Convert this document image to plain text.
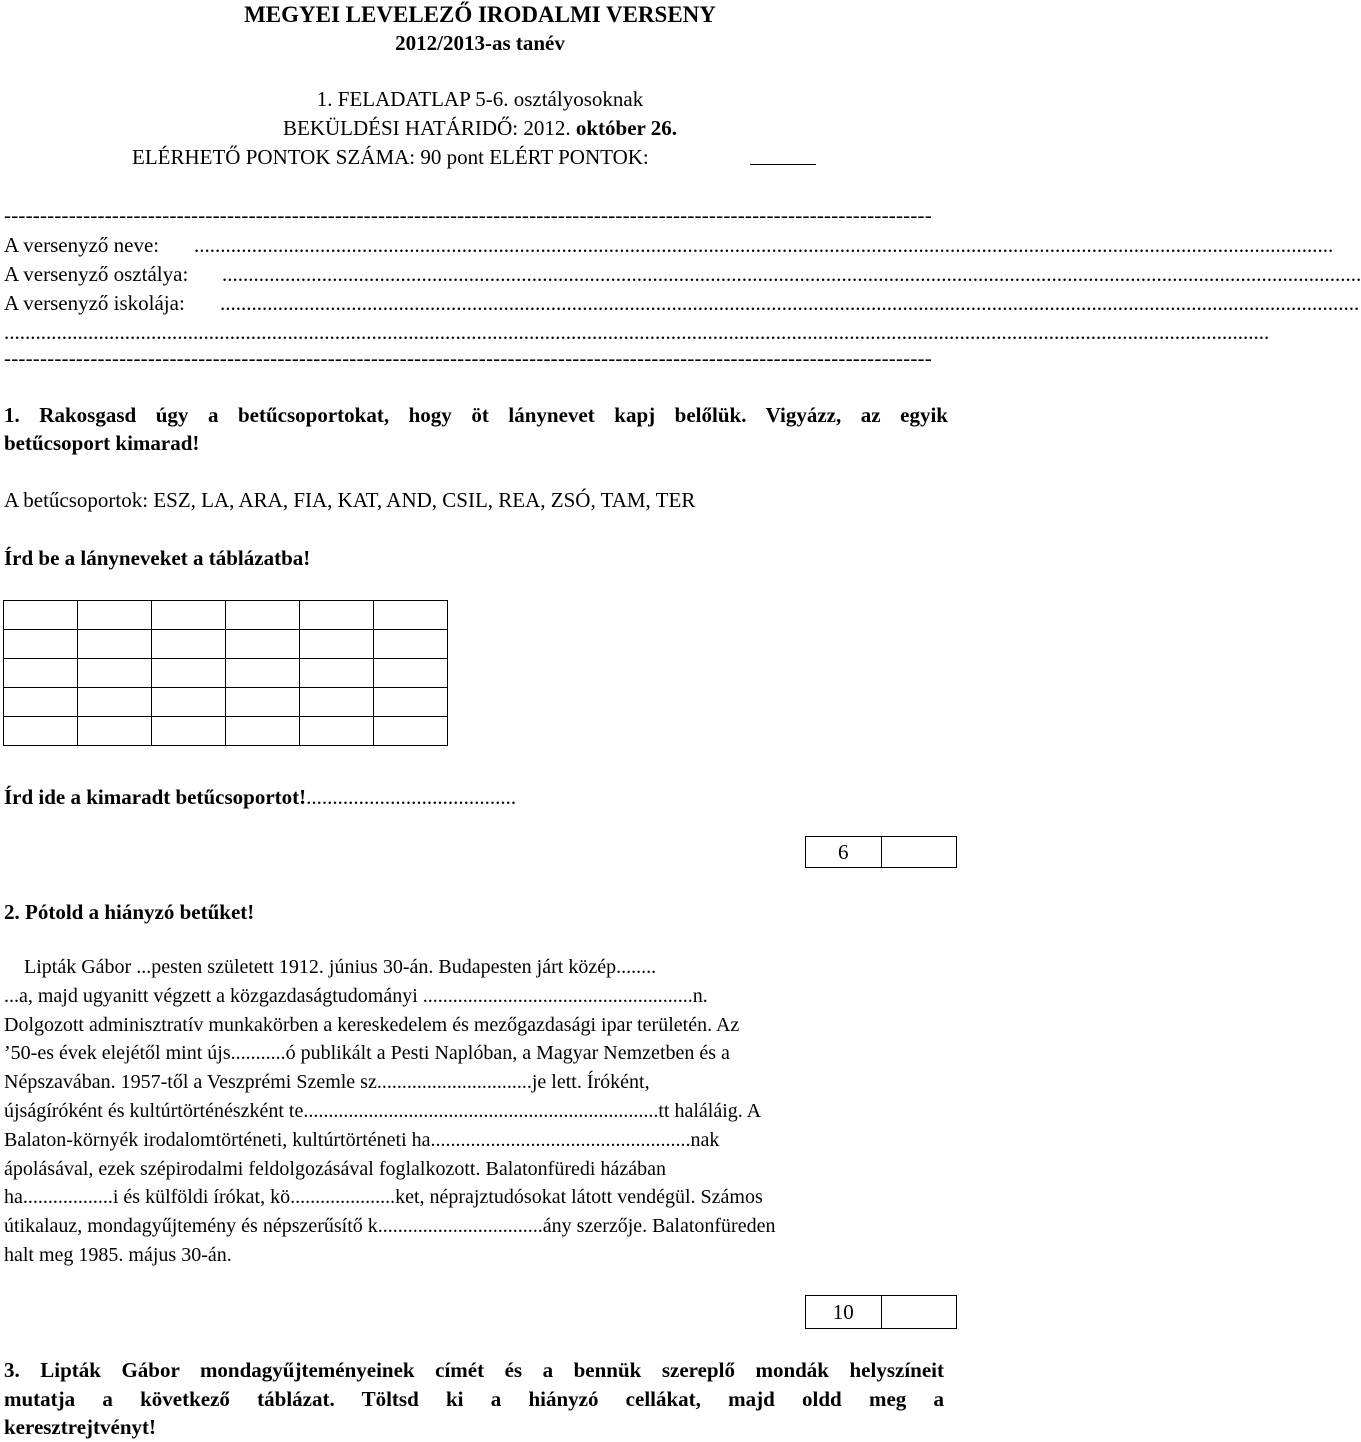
MEGYEI LEVELEZŐ IRODALMI VERSENY
2012/2013-as tanév
1. FELADATLAP 5-6. osztályosoknak
BEKÜLDÉSI HATÁRIDŐ: 2012. október 26.
ELÉRHETŐ PONTOK SZÁMA: 90 pont ELÉRT PONTOK:
---------------------------------------------------------------------------------------------------------------------------------
A versenyző neve: .........................................................................................................................................................................................................................
A versenyző osztálya: .........................................................................................................................................................................................................................
A versenyző iskolája: .........................................................................................................................................................................................................................
.................................................................................................................................................................................................................................................
---------------------------------------------------------------------------------------------------------------------------------
1. Rakosgasd úgy a betűcsoportokat, hogy öt lánynevet kapj belőlük. Vigyázz, az egyik
betűcsoport kimarad!
A betűcsoportok: ESZ, LA, ARA, FIA, KAT, AND, CSIL, REA, ZSÓ, TAM, TER
Írd be a lányneveket a táblázatba!

Írd ide a kimaradt betűcsoportot!........................................
6
2. Pótold a hiányzó betűket!

Lipták Gábor ...pesten született 1912. június 30-án. Budapesten járt közép........

...a, majd ugyanitt végzett a közgazdaságtudományi ......................................................n.

Dolgozott adminisztratív munkakörben a kereskedelem és mezőgazdasági ipar területén. Az

’50-es évek elejétől mint újs...........ó publikált a Pesti Naplóban, a Magyar Nemzetben és a

Népszavában. 1957-től a Veszprémi Szemle sz...............................je lett. Íróként,

újságíróként és kultúrtörténészként te.......................................................................tt haláláig. A

Balaton-környék irodalomtörténeti, kultúrtörténeti ha....................................................nak

ápolásával, ezek szépirodalmi feldolgozásával foglalkozott. Balatonfüredi házában

ha..................i és külföldi írókat, kö.....................ket, néprajztudósokat látott vendégül. Számos

útikalauz, mondagyűjtemény és népszerűsítő k.................................ány szerzője. Balatonfüreden

halt meg 1985. május 30-án.

10
3. Lipták Gábor mondagyűjteményeinek címét és a bennük szereplő mondák helyszíneit
mutatja a következő táblázat. Töltsd ki a hiányzó cellákat, majd oldd meg a
keresztrejtvényt!
